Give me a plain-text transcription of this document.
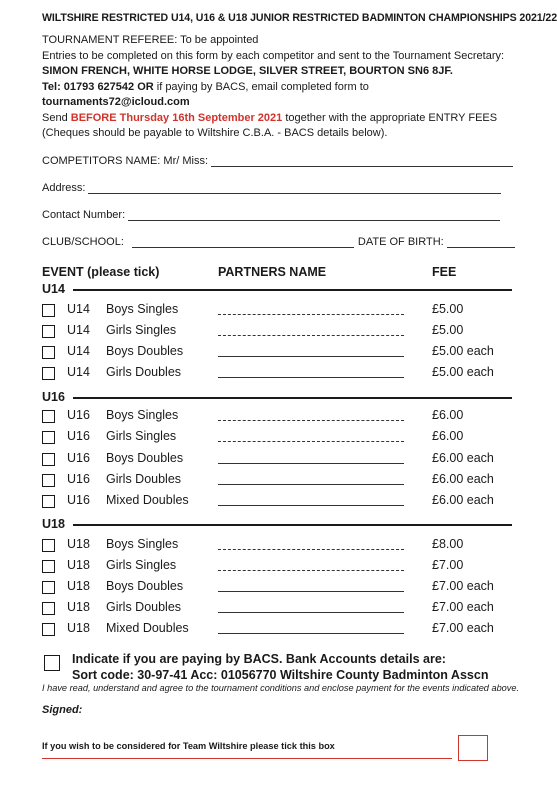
WILTSHIRE RESTRICTED U14, U16 & U18 JUNIOR RESTRICTED BADMINTON CHAMPIONSHIPS 2021/22
TOURNAMENT REFEREE: To be appointed
Entries to be completed on this form by each competitor and sent to the Tournament Secretary:
SIMON FRENCH, WHITE HORSE LODGE, SILVER STREET, BOURTON SN6 8JF.
Tel: 01793 627542 OR if paying by BACS, email completed form to
tournaments72@icloud.com
Send BEFORE Thursday 16th September 2021 together with the appropriate ENTRY FEES
(Cheques should be payable to Wiltshire C.B.A. - BACS details below).
COMPETITORS NAME: Mr/ Miss:
Address:
Contact Number:
CLUB/SCHOOL:	DATE OF BIRTH:
EVENT (please tick)	PARTNERS NAME	FEE
U14
U14 Boys Singles	£5.00
U14 Girls Singles	£5.00
U14 Boys Doubles	£5.00 each
U14 Girls Doubles	£5.00 each
U16
U16 Boys Singles	£6.00
U16 Girls Singles	£6.00
U16 Boys Doubles	£6.00 each
U16 Girls Doubles	£6.00 each
U16 Mixed Doubles	£6.00 each
U18
U18 Boys Singles	£8.00
U18 Girls Singles	£7.00
U18 Boys Doubles	£7.00 each
U18 Girls Doubles	£7.00 each
U18 Mixed Doubles	£7.00 each
Indicate if you are paying by BACS. Bank Accounts details are:
Sort code: 30-97-41 Acc: 01056770 Wiltshire County Badminton Asscn
I have read, understand and agree to the tournament conditions and enclose payment for the events indicated above.
Signed:
If you wish to be considered for Team Wiltshire please tick this box
